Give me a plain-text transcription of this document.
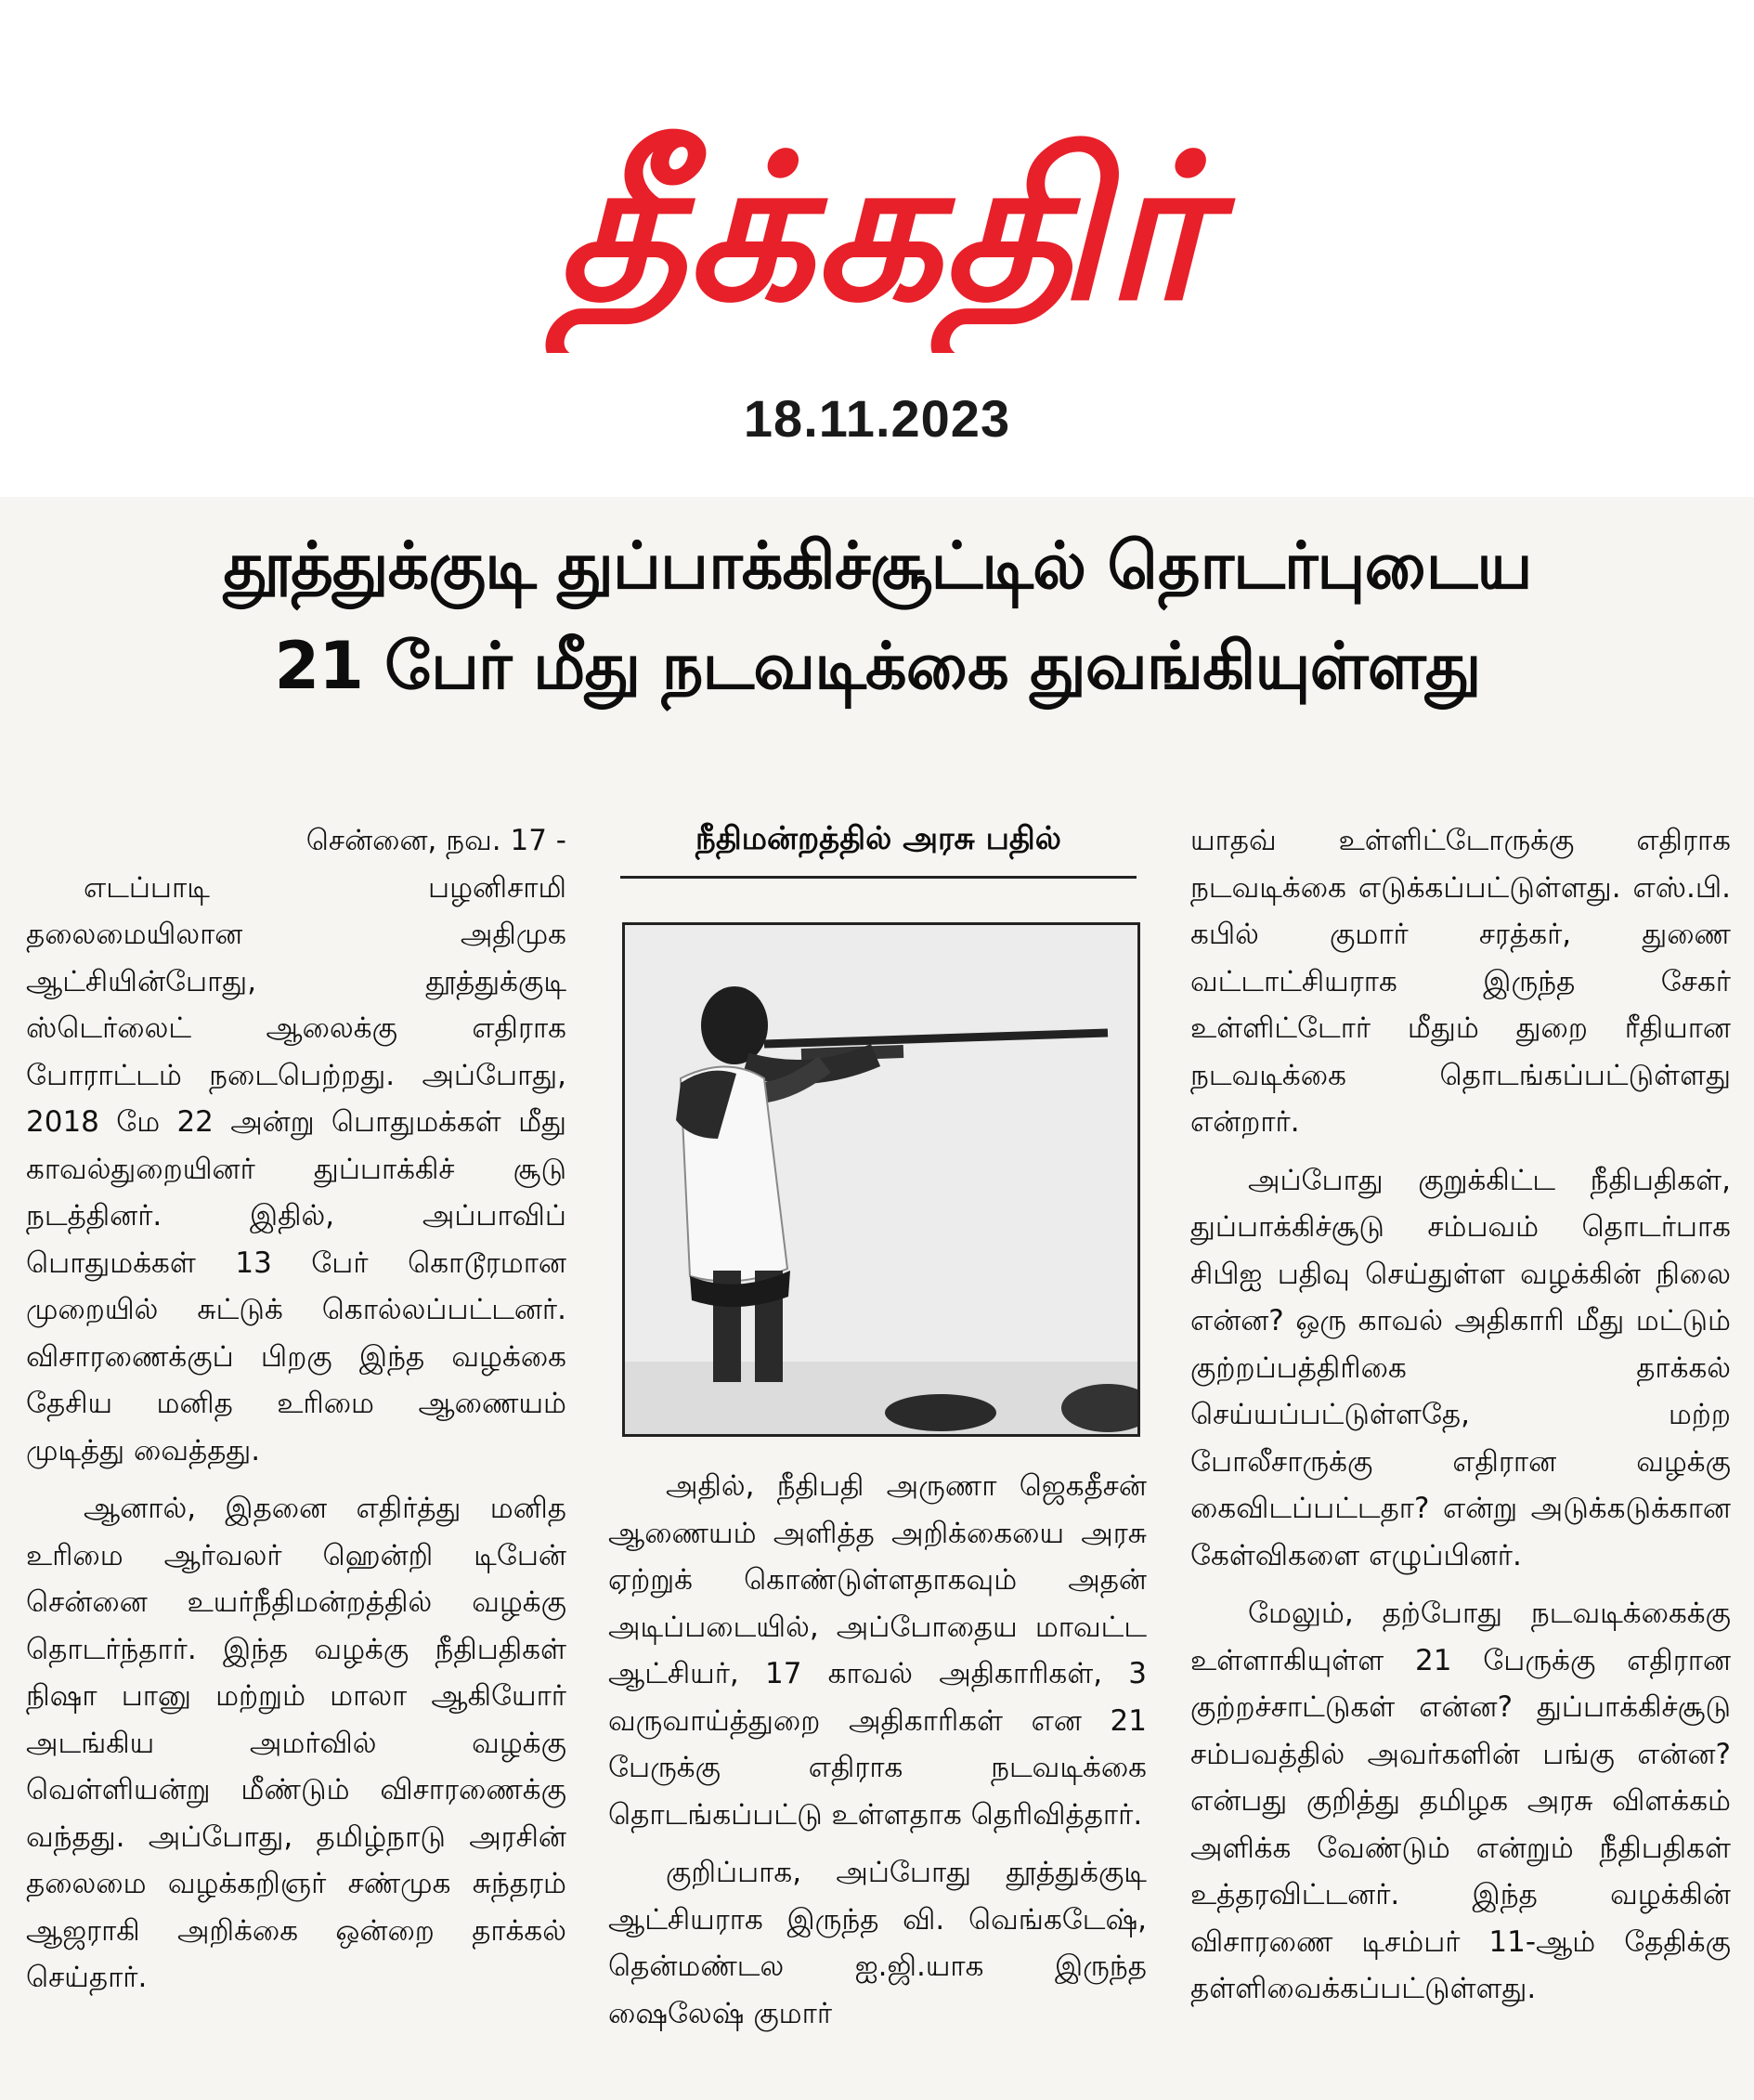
தீக்கதிர்
18.11.2023
தூத்துக்குடி துப்பாக்கிச்சூட்டில் தொடர்புடைய
21 பேர் மீது நடவடிக்கை துவங்கியுள்ளது

சென்னை, நவ. 17 -

எடப்பாடி பழனிசாமி தலைமையிலான அதிமுக ஆட்சியின்போது, தூத்துக்குடி ஸ்டெர்லைட் ஆலைக்கு எதிராக போராட்டம் நடைபெற்றது. அப்போது, 2018 மே 22 அன்று பொதுமக்கள் மீது காவல்துறையினர் துப்பாக்கிச் சூடு நடத்தினர். இதில், அப்பாவிப் பொதுமக்கள் 13 பேர் கொடூரமான முறையில் சுட்டுக் கொல்லப்பட்டனர். விசாரணைக்குப் பிறகு இந்த வழக்கை தேசிய மனித உரிமை ஆணையம் முடித்து வைத்தது.

ஆனால், இதனை எதிர்த்து மனித உரிமை ஆர்வலர் ஹென்றி டிபேன் சென்னை உயர்நீதிமன்றத்தில் வழக்கு தொடர்ந்தார். இந்த வழக்கு நீதிபதிகள் நிஷா பானு மற்றும் மாலா ஆகியோர் அடங்கிய அமர்வில் வழக்கு வெள்ளியன்று மீண்டும் விசாரணைக்கு வந்தது. அப்போது, தமிழ்நாடு அரசின் தலைமை வழக்கறிஞர் சண்முக சுந்தரம் ஆஜராகி அறிக்கை ஒன்றை தாக்கல் செய்தார்.

நீதிமன்றத்தில் அரசு பதில்

அதில், நீதிபதி அருணா ஜெகதீசன் ஆணையம் அளித்த அறிக்கையை அரசு ஏற்றுக் கொண்டுள்ளதாகவும் அதன் அடிப்படையில், அப்போதைய மாவட்ட ஆட்சியர், 17 காவல் அதிகாரிகள், 3 வருவாய்த்துறை அதிகாரிகள் என 21 பேருக்கு எதிராக நடவடிக்கை தொடங்கப்பட்டு உள்ளதாக தெரிவித்தார்.

குறிப்பாக, அப்போது தூத்துக்குடி ஆட்சியராக இருந்த வி. வெங்கடேஷ், தென்மண்டல ஐ.ஜி.யாக இருந்த ஷைலேஷ் குமார்

யாதவ் உள்ளிட்டோருக்கு எதிராக நடவடிக்கை எடுக்கப்பட்டுள்ளது. எஸ்.பி. கபில் குமார் சரத்கர், துணை வட்டாட்சியராக இருந்த சேகர் உள்ளிட்டோர் மீதும் துறை ரீதியான நடவடிக்கை தொடங்கப்பட்டுள்ளது என்றார்.

அப்போது குறுக்கிட்ட நீதிபதிகள், துப்பாக்கிச்சூடு சம்பவம் தொடர்பாக சிபிஐ பதிவு செய்துள்ள வழக்கின் நிலை என்ன? ஒரு காவல் அதிகாரி மீது மட்டும் குற்றப்பத்திரிகை தாக்கல் செய்யப்பட்டுள்ளதே, மற்ற போலீசாருக்கு எதிரான வழக்கு கைவிடப்பட்டதா? என்று அடுக்கடுக்கான கேள்விகளை எழுப்பினர்.

மேலும், தற்போது நடவடிக்கைக்கு உள்ளாகியுள்ள 21 பேருக்கு எதிரான குற்றச்சாட்டுகள் என்ன? துப்பாக்கிச்சூடு சம்பவத்தில் அவர்களின் பங்கு என்ன? என்பது குறித்து தமிழக அரசு விளக்கம் அளிக்க வேண்டும் என்றும் நீதிபதிகள் உத்தரவிட்டனர். இந்த வழக்கின் விசாரணை டிசம்பர் 11-ஆம் தேதிக்கு தள்ளிவைக்கப்பட்டுள்ளது.
